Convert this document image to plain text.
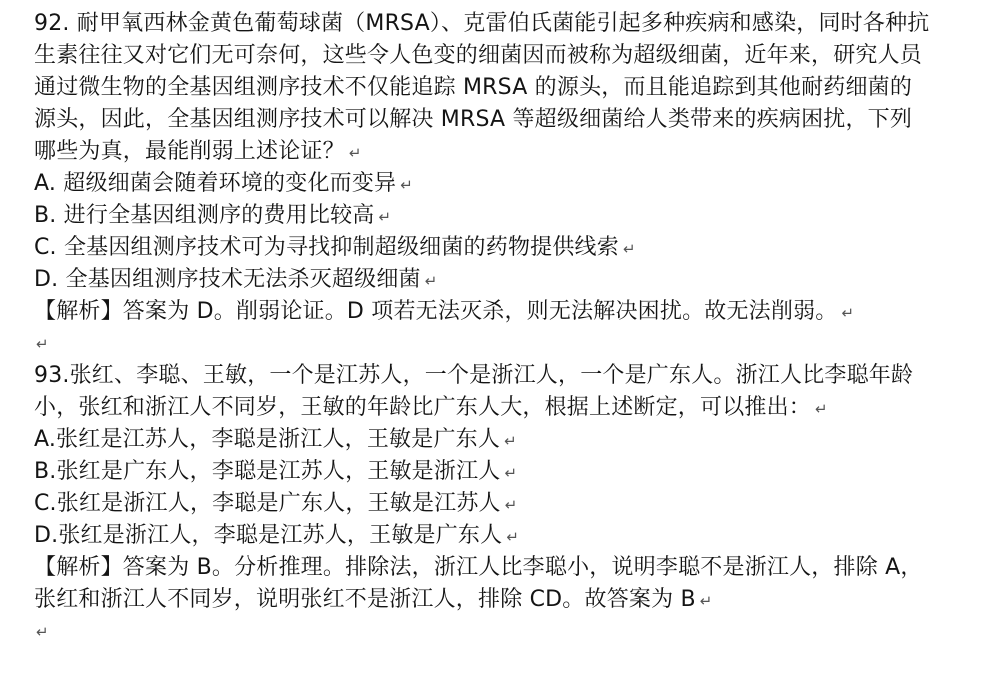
92. 耐甲氧西林金黄色葡萄球菌（MRSA）、克雷伯氏菌能引起多种疾病和感染，同时各种抗
生素往往又对它们无可奈何，这些令人色变的细菌因而被称为超级细菌，近年来，研究人员
通过微生物的全基因组测序技术不仅能追踪 MRSA 的源头，而且能追踪到其他耐药细菌的
源头，因此，全基因组测序技术可以解决 MRSA 等超级细菌给人类带来的疾病困扰，下列
哪些为真，最能削弱上述论证？ ↵
A. 超级细菌会随着环境的变化而变异 ↵
B. 进行全基因组测序的费用比较高 ↵
C. 全基因组测序技术可为寻找抑制超级细菌的药物提供线索 ↵
D. 全基因组测序技术无法杀灭超级细菌 ↵
【解析】答案为 D。削弱论证。D 项若无法灭杀，则无法解决困扰。故无法削弱。 ↵
↵
93.张红、李聪、王敏，一个是江苏人，一个是浙江人，一个是广东人。浙江人比李聪年龄
小，张红和浙江人不同岁，王敏的年龄比广东人大，根据上述断定，可以推出： ↵
A.张红是江苏人，李聪是浙江人，王敏是广东人 ↵
B.张红是广东人，李聪是江苏人，王敏是浙江人 ↵
C.张红是浙江人，李聪是广东人，王敏是江苏人 ↵
D.张红是浙江人，李聪是江苏人，王敏是广东人 ↵
【解析】答案为 B。分析推理。排除法，浙江人比李聪小，说明李聪不是浙江人，排除 A，
张红和浙江人不同岁，说明张红不是浙江人，排除 CD。故答案为 B ↵
↵
